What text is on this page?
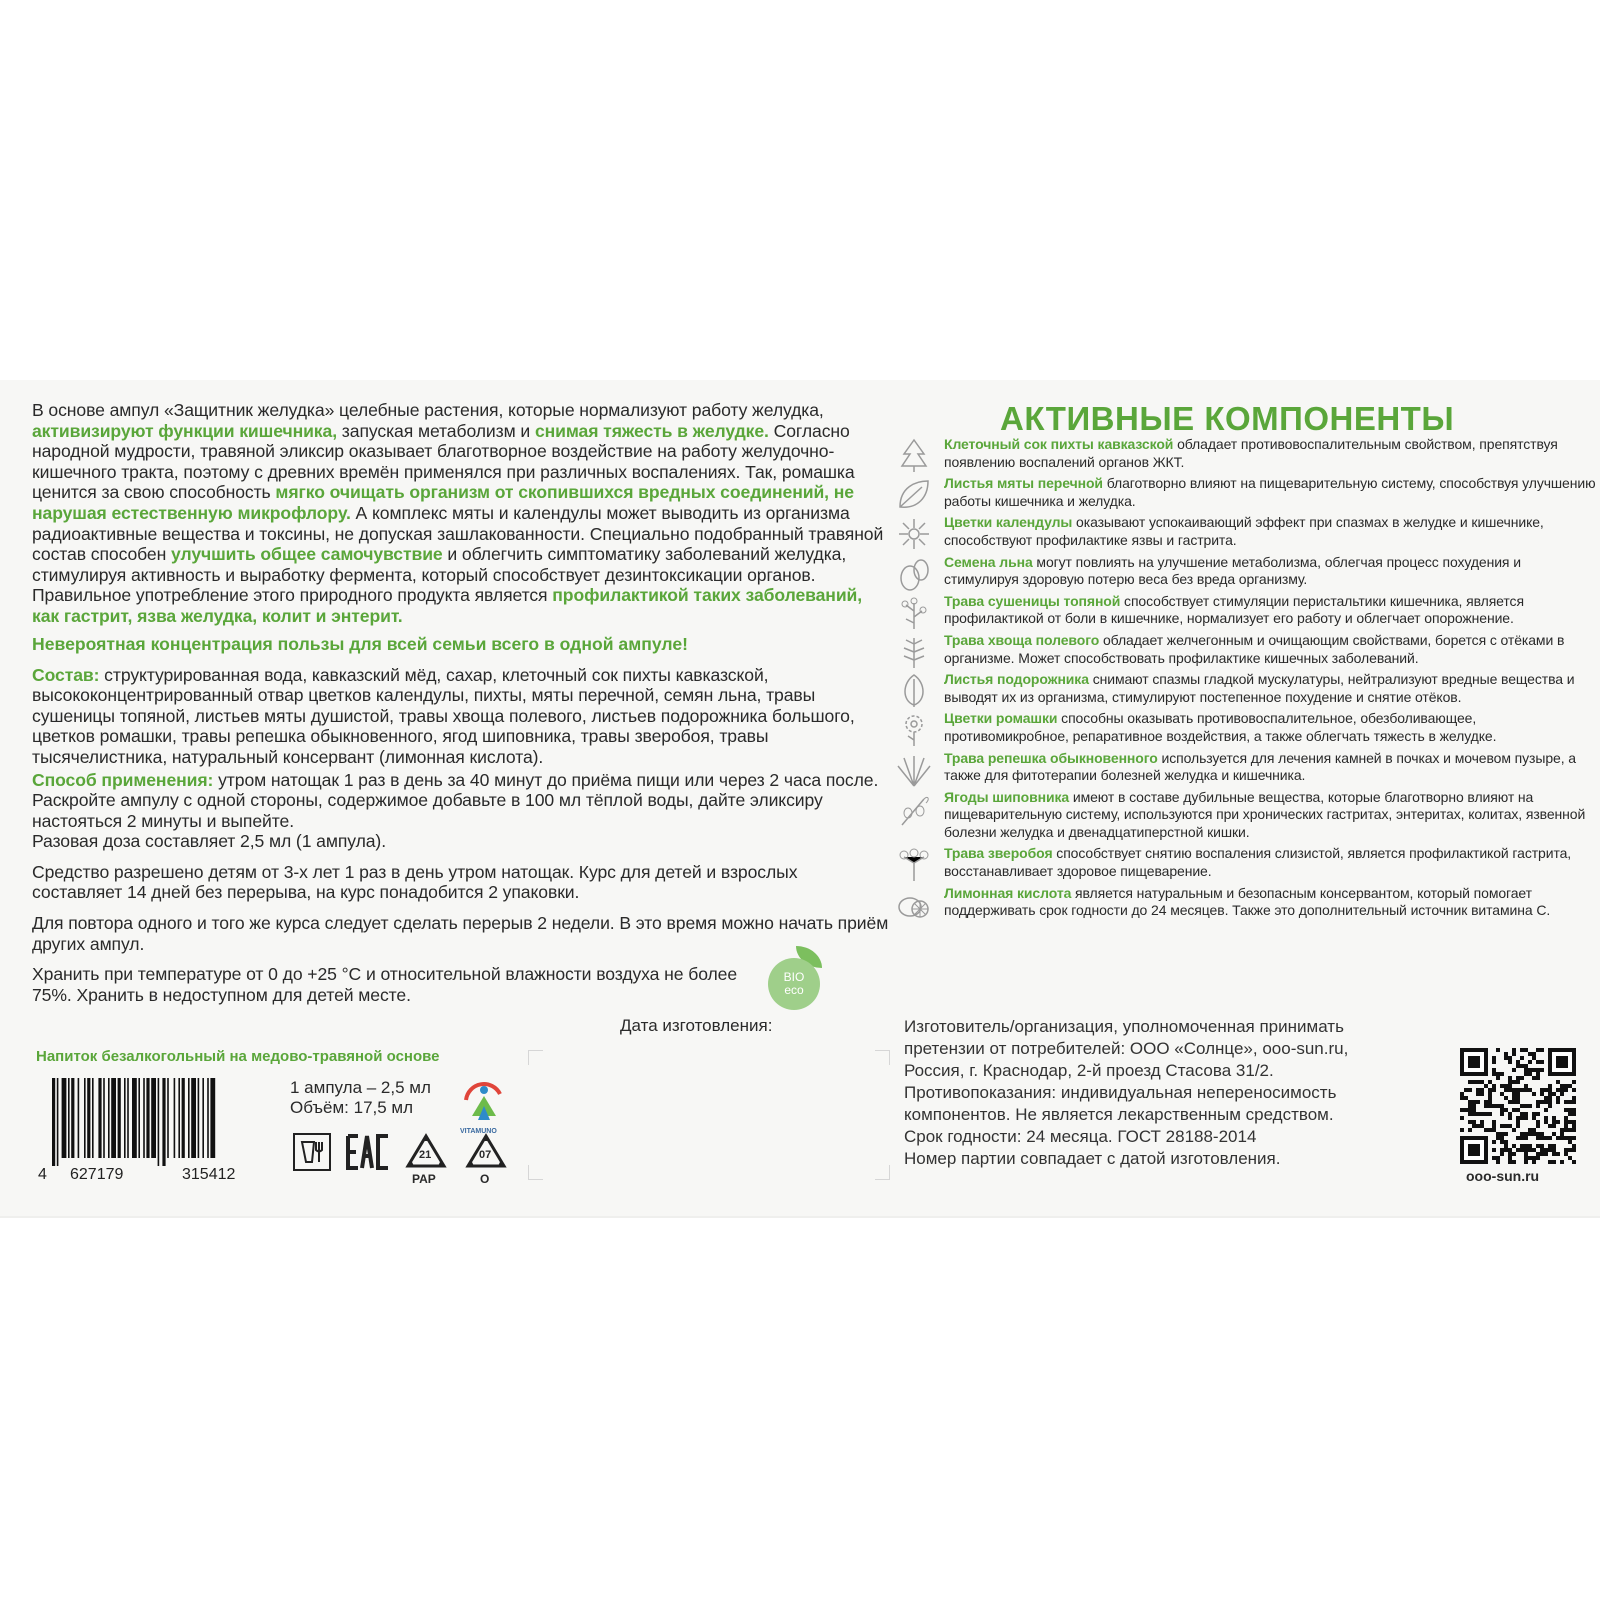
В основе ампул «Защитник желудка» целебные растения, которые нормализуют работу желудка, активизируют функции кишечника, запуская метаболизм и снимая тяжесть в желудке. Согласно народной мудрости, травяной эликсир оказывает благотворное воздействие на работу желудочно-кишечного тракта, поэтому с древних времён применялся при различных воспалениях. Так, ромашка ценится за свою способность мягко очищать организм от скопившихся вредных соединений, не нарушая естественную микрофлору. А комплекс мяты и календулы может выводить из организма радиоактивные вещества и токсины, не допуская зашлакованности. Специально подобранный травяной состав способен улучшить общее самочувствие и облегчить симптоматику заболеваний желудка, стимулируя активность и выработку фермента, который способствует дезинтоксикации органов. Правильное употребление этого природного продукта является профилактикой таких заболеваний, как гастрит, язва желудка, колит и энтерит.

Невероятная концентрация пользы для всей семьи всего в одной ампуле!

Состав: структурированная вода, кавказский мёд, сахар, клеточный сок пихты кавказской, высококонцентрированный отвар цветков календулы, пихты, мяты перечной, семян льна, травы сушеницы топяной, листьев мяты душистой, травы хвоща полевого, листьев подорожника большого, цветков ромашки, травы репешка обыкновенного, ягод шиповника, травы зверобоя, травы тысячелистника, натуральный консервант (лимонная кислота).

Способ применения: утром натощак 1 раз в день за 40 минут до приёма пищи или через 2 часа после. Раскройте ампулу с одной стороны, содержимое добавьте в 100 мл тёплой воды, дайте эликсиру настояться 2 минуты и выпейте.
Разовая доза составляет 2,5 мл (1 ампула).

Средство разрешено детям от 3-х лет 1 раз в день утром натощак. Курс для детей и взрослых составляет 14 дней без перерыва, на курс понадобится 2 упаковки.

Для повтора одного и того же курса следует сделать перерыв 2 недели. В это время можно начать приём других ампул.

Хранить при температуре от 0 до +25 °С и относительной влажности воздуха не более 75%. Хранить в недоступном для детей месте.

BIO
eco
Напиток безалкогольный на медово-травяной основе
Дата изготовления:
4 627179	315412
1 ампула – 2,5 мл
Объём: 17,5 мл
VITAMUNO
21	07
PAP	O
АКТИВНЫЕ КОМПОНЕНТЫ
Клеточный сок пихты кавказской обладает противовоспалительным свойством, препятствуя появлению воспалений органов ЖКТ.
Листья мяты перечной благотворно влияют на пищеварительную систему, способствуя улучшению работы кишечника и желудка.
Цветки календулы оказывают успокаивающий эффект при спазмах в желудке и кишечнике, способствуют профилактике язвы и гастрита.
Семена льна могут повлиять на улучшение метаболизма, облегчая процесс похудения и стимулируя здоровую потерю веса без вреда организму.
Трава сушеницы топяной способствует стимуляции перистальтики кишечника, является профилактикой от боли в кишечнике, нормализует его работу и облегчает опорожнение.
Трава хвоща полевого обладает желчегонным и очищающим свойствами, борется с отёками в организме. Может способствовать профилактике кишечных заболеваний.
Листья подорожника снимают спазмы гладкой мускулатуры, нейтрализуют вредные вещества и выводят их из организма, стимулируют постепенное похудение и снятие отёков.
Цветки ромашки способны оказывать противовоспалительное, обезболивающее, противомикробное, репаративное воздействия, а также облегчать тяжесть в желудке.
Трава репешка обыкновенного используется для лечения камней в почках и мочевом пузыре, а также для фитотерапии болезней желудка и кишечника.
Ягоды шиповника имеют в составе дубильные вещества, которые благотворно влияют на пищеварительную систему, используются при хронических гастритах, энтеритах, колитах, язвенной болезни желудка и двенадцатиперстной кишки.
Трава зверобоя способствует снятию воспаления слизистой, является профилактикой гастрита, восстанавливает здоровое пищеварение.
Лимонная кислота является натуральным и безопасным консервантом, который помогает поддерживать срок годности до 24 месяцев. Также это дополнительный источник витамина С.
Изготовитель/организация, уполномоченная принимать
претензии от потребителей: ООО «Солнце», ooo-sun.ru,
Россия, г. Краснодар, 2-й проезд Стасова 31/2.
Противопоказания: индивидуальная непереносимость
компонентов. Не является лекарственным средством.
Срок годности: 24 месяца. ГОСТ 28188-2014
Номер партии совпадает с датой изготовления.
ooo-sun.ru
